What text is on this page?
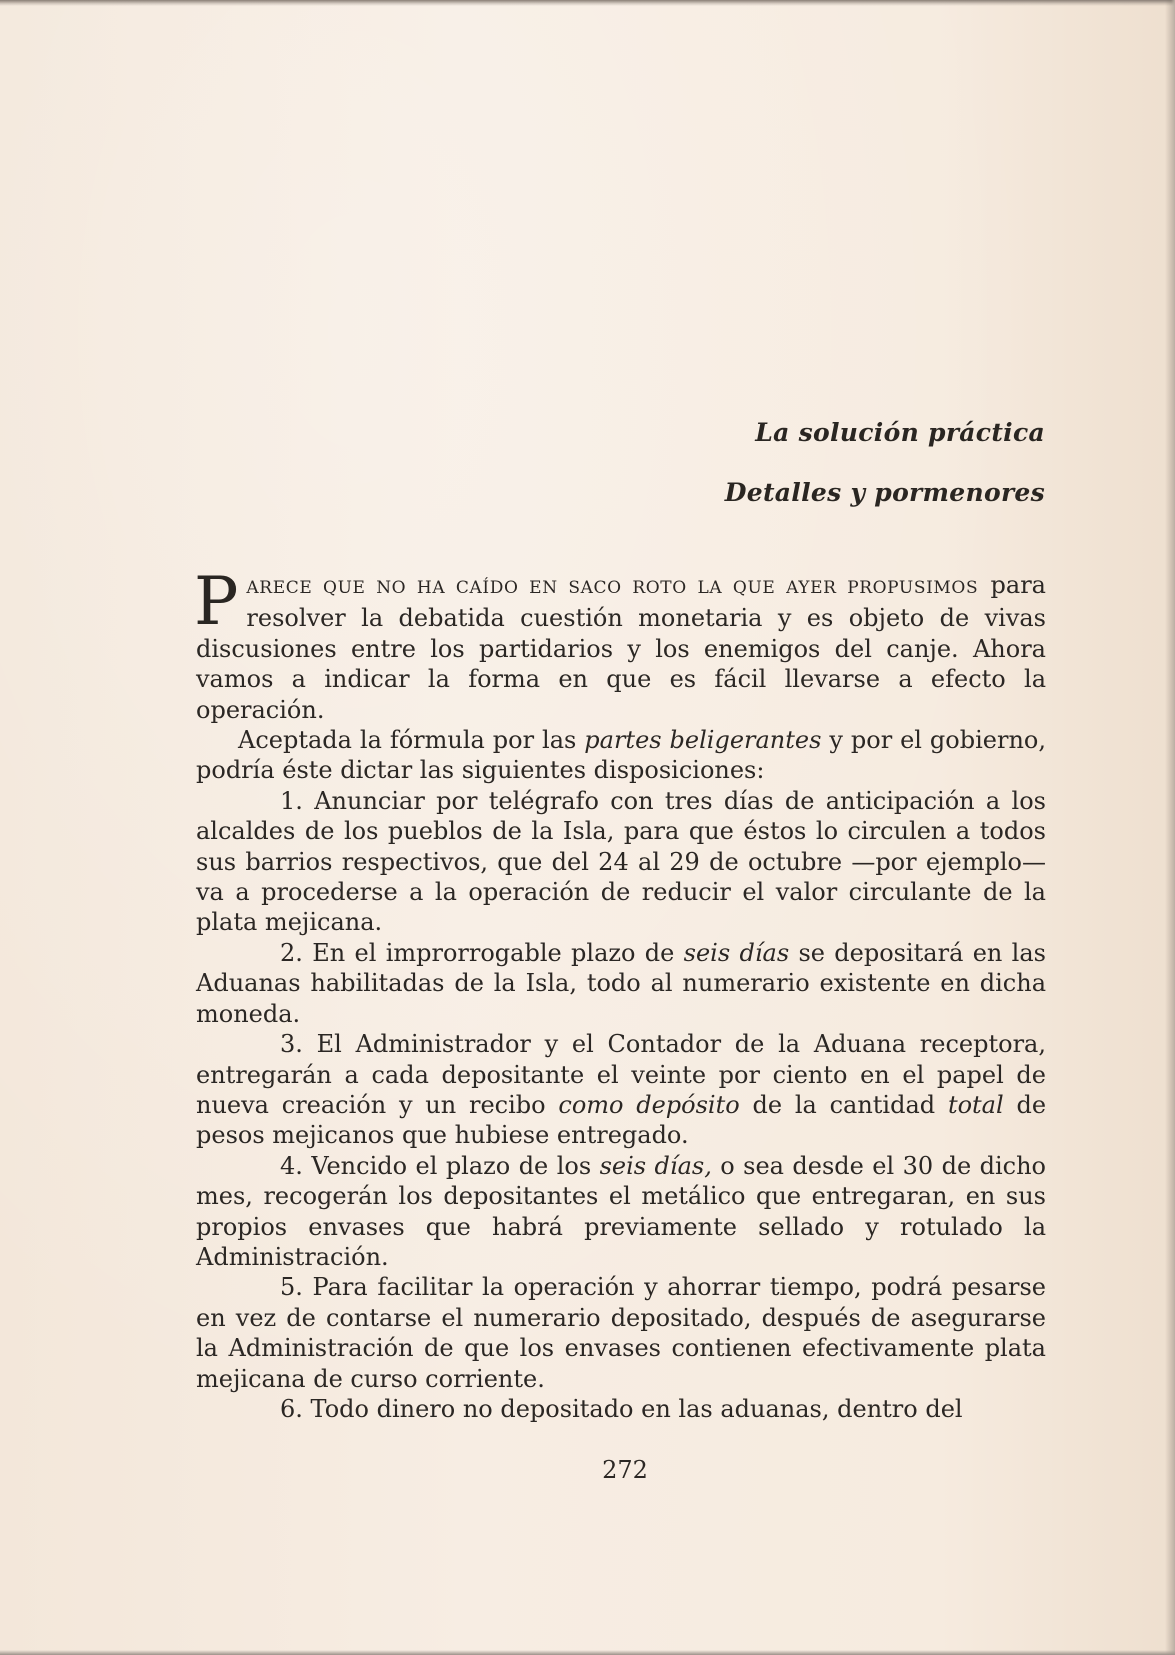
La solución práctica
Detalles y pormenores

PARECE QUE NO HA CAÍDO EN SACO ROTO LA QUE AYER PROPUSIMOS para resolver la debatida cuestión monetaria y es objeto de vivas discusiones entre los partidarios y los enemigos del canje. Ahora vamos a indicar la forma en que es fácil llevarse a efecto la operación.

Aceptada la fórmula por las partes beligerantes y por el gobierno, podría éste dictar las siguientes disposiciones:

1. Anunciar por telégrafo con tres días de anticipación a los alcaldes de los pueblos de la Isla, para que éstos lo circulen a todos sus barrios respectivos, que del 24 al 29 de octubre —por ejemplo— va a procederse a la operación de reducir el valor circulante de la plata mejicana.

2. En el improrrogable plazo de seis días se depositará en las Aduanas habilitadas de la Isla, todo al numerario existente en dicha moneda.

3. El Administrador y el Contador de la Aduana receptora, entregarán a cada depositante el veinte por ciento en el papel de nueva creación y un recibo como depósito de la cantidad total de pesos mejicanos que hubiese entregado.

4. Vencido el plazo de los seis días, o sea desde el 30 de dicho mes, recogerán los depositantes el metálico que entregaran, en sus propios envases que habrá previamente sellado y rotulado la Administración.

5. Para facilitar la operación y ahorrar tiempo, podrá pesarse en vez de contarse el numerario depositado, después de asegurarse la Administración de que los envases contienen efectivamente plata mejicana de curso corriente.

6. Todo dinero no depositado en las aduanas, dentro del

272
